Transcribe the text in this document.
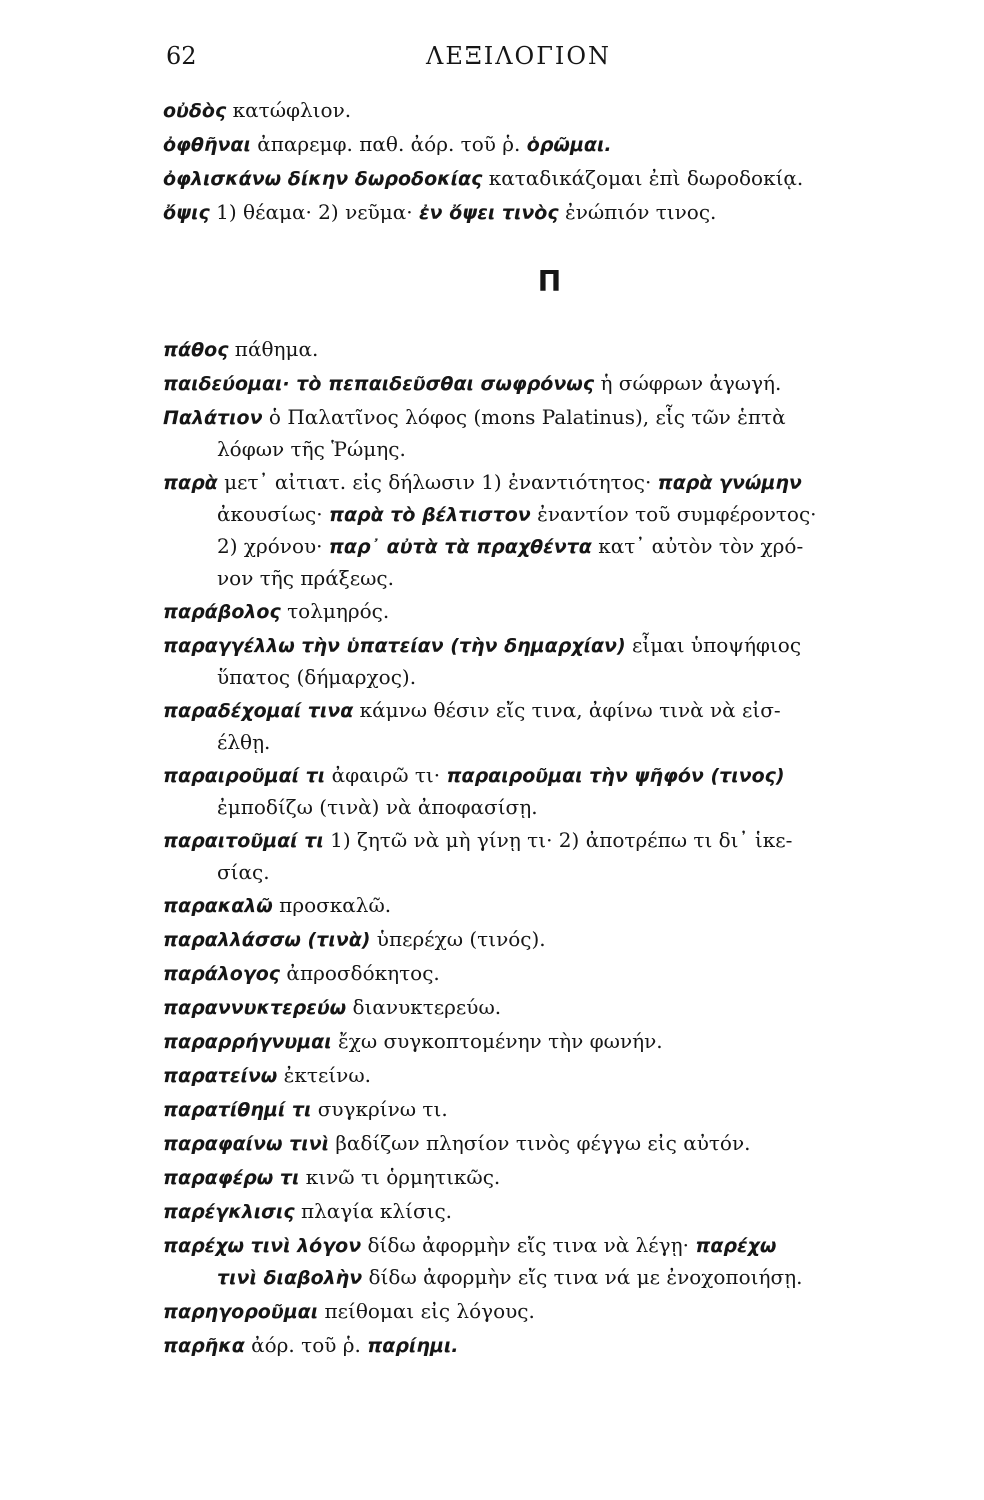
62	ΛΕΞΙΛΟΓΙΟΝ
οὐδὸς κατώφλιον.
ὀφθῆναι ἀπαρεμφ. παθ. ἀόρ. τοῦ ῥ. ὁρῶμαι.
ὀφλισκάνω δίκην δωροδοκίας καταδικάζομαι ἐπὶ δωροδοκίᾳ.
ὄψις 1) θέαμα· 2) νεῦμα· ἐν ὄψει τινὸς ἐνώπιόν τινος.
Π
πάθος πάθημα.
παιδεύομαι· τὸ πεπαιδεῦσθαι σωφρόνως ἡ σώφρων ἀγωγή.
Παλάτιον ὁ Παλατῖνος λόφος (mons Palatinus), εἷς τῶν ἑπτὰ
λόφων τῆς Ῥώμης.
παρὰ μετ᾽ αἰτιατ. εἰς δήλωσιν 1) ἐναντιότητος· παρὰ γνώμην
ἀκουσίως· παρὰ τὸ βέλτιστον ἐναντίον τοῦ συμφέροντος·
2) χρόνου· παρ᾽ αὐτὰ τὰ πραχθέντα κατ᾽ αὐτὸν τὸν χρό-
νον τῆς πράξεως.
παράβολος τολμηρός.
παραγγέλλω τὴν ὑπατείαν (τὴν δημαρχίαν) εἶμαι ὑποψήφιος
ὕπατος (δήμαρχος).
παραδέχομαί τινα κάμνω θέσιν εἴς τινα, ἀφίνω τινὰ νὰ εἰσ-
έλθῃ.
παραιροῦμαί τι ἀφαιρῶ τι· παραιροῦμαι τὴν ψῆφόν (τινος)
ἐμποδίζω (τινὰ) νὰ ἀποφασίσῃ.
παραιτοῦμαί τι 1) ζητῶ νὰ μὴ γίνῃ τι· 2) ἀποτρέπω τι δι᾽ ἱκε-
σίας.
παρακαλῶ προσκαλῶ.
παραλλάσσω (τινὰ) ὑπερέχω (τινός).
παράλογος ἀπροσδόκητος.
παραννυκτερεύω διανυκτερεύω.
παραρρήγνυμαι ἔχω συγκοπτομένην τὴν φωνήν.
παρατείνω ἐκτείνω.
παρατίθημί τι συγκρίνω τι.
παραφαίνω τινὶ βαδίζων πλησίον τινὸς φέγγω εἰς αὐτόν.
παραφέρω τι κινῶ τι ὁρμητικῶς.
παρέγκλισις πλαγία κλίσις.
παρέχω τινὶ λόγον δίδω ἀφορμὴν εἴς τινα νὰ λέγῃ· παρέχω
τινὶ διαβολὴν δίδω ἀφορμὴν εἴς τινα νά με ἐνοχοποιήσῃ.
παρηγοροῦμαι πείθομαι εἰς λόγους.
παρῆκα ἀόρ. τοῦ ῥ. παρίημι.
